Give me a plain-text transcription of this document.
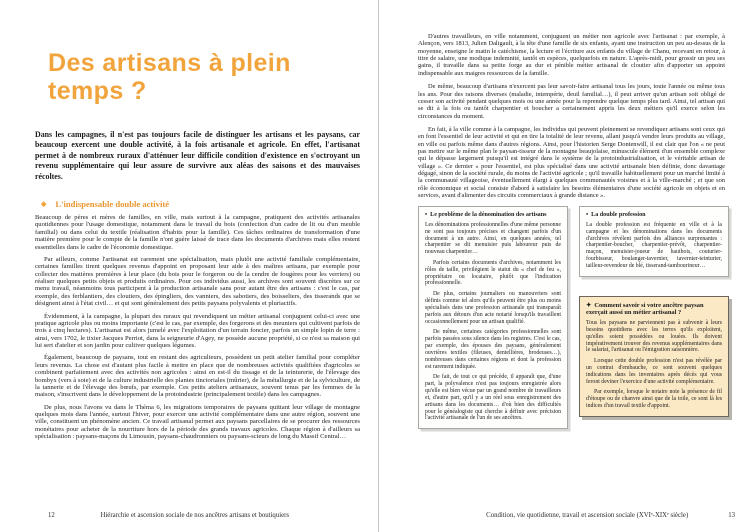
Des artisans à plein temps ?

Dans les campagnes, il n'est pas toujours facile de distinguer les artisans et les paysans, car beaucoup exercent une double activité, à la fois artisanale et agricole. En effet, l'artisanat permet à de nombreux ruraux d'atténuer leur difficile condition d'existence en s'octroyant un revenu supplémentaire qui leur assure de survivre aux aléas des saisons et des mauvaises récoltes.

◆ L'indispensable double activité

Beaucoup de pères et mères de familles, en ville, mais surtout à la campagne, pratiquent des activités artisanales quotidiennes pour l'usage domestique, notamment dans le travail du bois (confection d'un cadre de lit ou d'un meuble familial) ou dans celui du textile (réalisation d'habits pour la famille). Ces tâches ordinaires de transformation d'une matière première pour le compte de la famille n'ont guère laissé de trace dans les documents d'archives mais elles restent essentielles dans le cadre de l'économie domestique.

Par ailleurs, comme l'artisanat est rarement une spécialisation, mais plutôt une activité familiale complémentaire, certaines familles tirent quelques revenus d'appoint en proposant leur aide à des maîtres artisans, par exemple pour collecter des matières premières à leur place (du bois pour le forgeron ou de la cendre de fougères pour les verriers) ou réaliser quelques petits objets et produits ordinaires. Pour ces individus aussi, les archives sont souvent discrètes sur ce menu travail, néanmoins tous participent à la production artisanale sans pour autant être des artisans : c'est le cas, par exemple, des ferblantiers, des cloutiers, des épingliers, des vanniers, des sabotiers, des boisseliers, des tisserands que se désignent ainsi à l'état civil… et qui sont généralement des petits paysans polyvalents et pluriactifs.

Évidemment, à la campagne, la plupart des ruraux qui revendiquent un métier artisanal conjuguent celui-ci avec une pratique agricole plus ou moins importante (c'est le cas, par exemple, des forgerons et des meuniers qui cultivent parfois de trois à cinq hectares). L'artisanat est alors jumelé avec l'exploitation d'un terrain foncier, parfois un simple lopin de terre : ainsi, vers 1702, le tixier Jacques Perriot, dans la seigneurie d'Agey, ne possède aucune propriété, si ce n'est sa maison qui lui sert d'atelier et son jardin pour cultiver quelques légumes.

Également, beaucoup de paysans, tout en restant des agriculteurs, possèdent un petit atelier familial pour compléter leurs revenus. La chose est d'autant plus facile à mettre en place que de nombreuses activités qualifiées d'agricoles se combinent parfaitement avec des activités non agricoles : ainsi en est-il du tissage et de la teinturerie, de l'élevage des bombyx (vers à soie) et de la culture industrielle des plantes tinctoriales (mûrier), de la métallurgie et de la sylviculture, de la tannerie et de l'élevage des bœufs, par exemple. Ces petits ateliers artisanaux, souvent tenus par les femmes de la maison, s'inscrivent dans le développement de la protoindustrie (principalement textile) dans les campagnes.

De plus, nous l'avons vu dans le Théma 6, les migrations temporaires de paysans quittant leur village de montagne quelques mois dans l'année, surtout l'hiver, pour exercer une activité complémentaire dans une autre région, souvent une ville, constituent un phénomène ancien. Ce travail artisanal permet aux paysans parcellaires de se procurer des ressources monétaires pour acheter de la nourriture hors de la période des grands travaux agricoles. Chaque région à d'ailleurs sa spécialisation : paysans-maçons du Limousin, paysans-chaudronniers ou paysans-scieurs de long du Massif Central…

12	Hiérarchie et ascension sociale de nos ancêtres artisans et boutiquiers

D'autres travailleurs, en ville notamment, conjuguent un métier non agricole avec l'artisanat : par exemple, à Alençon, vers 1813, Julien Daligault, à la tête d'une famille de six enfants, ayant une instruction un peu au-dessus de la moyenne, enseigne le matin le catéchisme, la lecture et l'écriture aux enfants du village de Chanu, recevant en retour, à titre de salaire, une modique indemnité, tantôt en espèces, quelquefois en nature. L'après-midi, pour grossir un peu ses gains, il travaille dans sa petite forge au dur et pénible métier artisanal de cloutier afin d'apporter un appoint indispensable aux maigres ressources de la famille.

De même, beaucoup d'artisans n'exercent pas leur savoir-faire artisanal tous les jours, toute l'année ou même tous les ans. Pour des raisons diverses (maladie, intempérie, deuil familial…), il peut arriver qu'un artisan soit obligé de cesser son activité pendant quelques mois ou une année pour la reprendre quelque temps plus tard. Ainsi, tel artisan qui se dit à la fois ou tantôt charpentier et boucher a certainement appris les deux métiers qu'il exerce selon les circonstances du moment.

En fait, à la ville comme à la campagne, les individus qui peuvent pleinement se revendiquer artisans sont ceux qui en font l'essentiel de leur activité et qui en tire la totalité de leur revenu, allant jusqu'à vendre leurs produits au village, en ville ou parfois même dans d'autres régions. Ainsi, pour l'historien Serge Dontenwill, il est clair que l'on « ne peut pas mettre sur le même plan le paysan-tisseur de la montagne beaujolaise, minuscule élément d'un ensemble complexe qui le dépasse largement puisqu'il est intégré dans le système de la protoindustrialisation, et le véritable artisan de village ». Ce dernier « pour l'essentiel, est plus spécialisé dans une activité artisanale bien définie, donc davantage dégagé, sinon de la société rurale, du moins de l'activité agricole ; qu'il travaille habituellement pour un marché limité à la communauté villageoise, éventuellement élargi à quelques communautés voisines et à la ville-marché ; et que son rôle économique et social consiste d'abord à satisfaire les besoins élémentaires d'une société agricole en objets et en services, avant d'alimenter des circuits commerciaux à grande distance ».

• Le problème de la dénomination des artisans

Les dénominations professionnelles d'une même personne ne sont pas toujours précises et changent parfois d'un document à un autre. Ainsi, en quelques années, tel charpentier se dit menuisier puis laboureur puis de nouveau charpentier…

Parfois certains documents d'archives, notamment les rôles de taille, privilégient le statut du « chef de feu », propriétaire ou locataire, plutôt que l'indication professionnelle.

De plus, certains journaliers ou manouvriers sont définis comme tel alors qu'ils peuvent être plus ou moins spécialisés dans une profession artisanale qui transparaît parfois aux détours d'un acte notarié lorsqu'ils travaillent occasionnellement pour un artisan qualifié.

De même, certaines catégories professionnelles sont parfois passées sous silence dans les registres. C'est le cas, par exemple, des épouses des paysans, généralement ouvrières textiles (fileuses, dentellières, brodeuses…), nombreuses dans certaines régions et dont la profession est rarement indiquée.

De fait, de tout ce qui précède, il apparaît que, d'une part, la polyvalence n'est pas toujours enregistrée alors qu'elle est bien vécue par un grand nombre de travailleurs et, d'autre part, qu'il y a un réel sous enregistrement des artisans dans les documents… d'où bien des difficultés pour le généalogiste qui cherche à définir avec précision l'activité artisanale de l'un de ses ancêtres.

• La double profession

La double profession est fréquente en ville et à la campagne et les dénominations dans les documents d'archives révèlent parfois des alliances surprenantes : charpentier-boucher, charpentier-prévôt, charpentier-maçon, menuisier-joueur de hautbois, couturier-fourbisseur, boulanger-tavernier, tavernier-teinturier, tailleur-revendeur de blé, tisserand-tambourineur…

✦ Comment savoir si votre ancêtre paysan exerçait aussi un métier artisanal ?

Tous les paysans ne parviennent pas à subvenir à leurs besoins quotidiens avec les terres qu'ils exploitent, qu'elles soient possédées ou louées. Ils doivent impérativement trouver des revenus supplémentaires dans le salariat, l'artisanat ou l'émigration saisonnière.

Lorsque cette double profession n'est pas révélée par un contrat d'embauche, ce sont souvent quelques indications dans les inventaires après décès qui vous feront deviner l'exercice d'une activité complémentaire.

Par exemple, lorsque le notaire note la présence de fil d'étoupe ou de chanvre ainsi que de la toile, ce sont là les indices d'un travail textile d'appoint.

Condition, vie quotidienne, travail et ascension sociale (XVIᵉ-XIXᵉ siècle)	13
